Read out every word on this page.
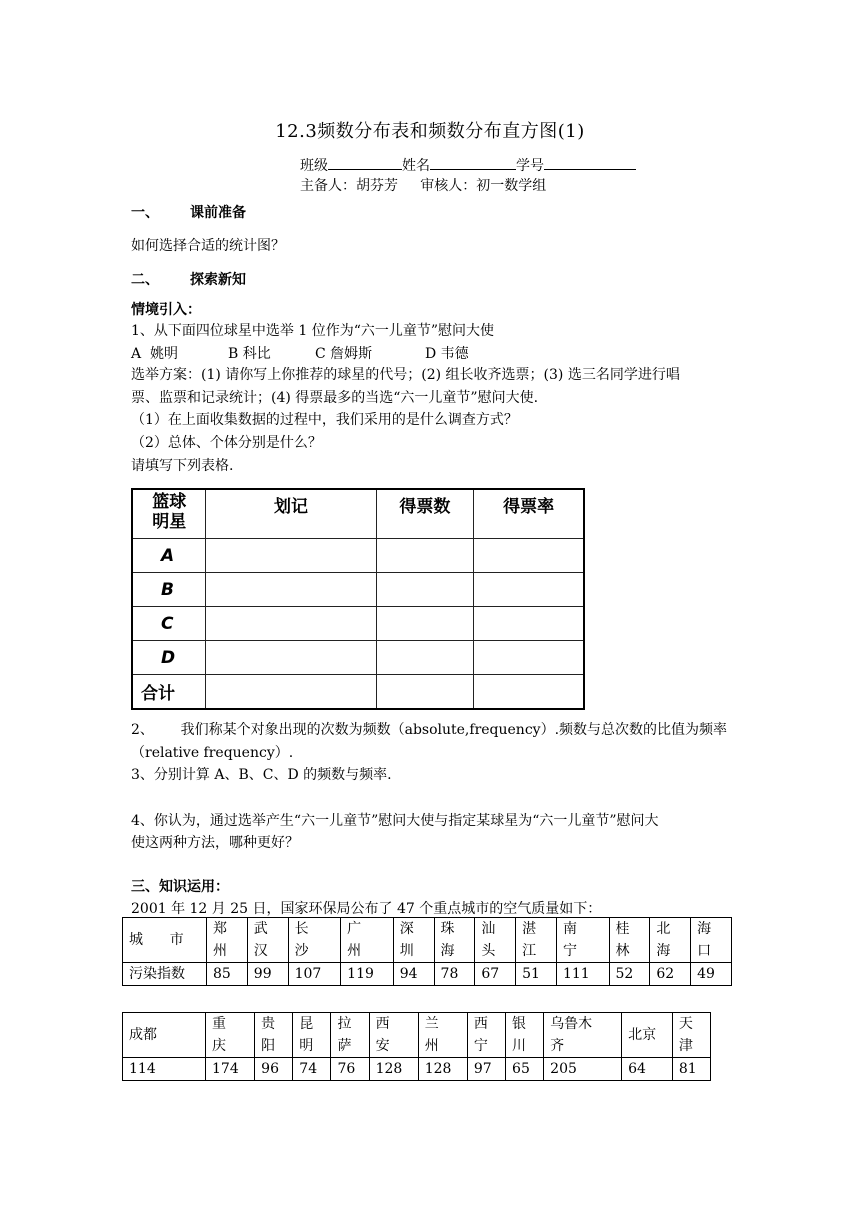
12.3频数分布表和频数分布直方图(1)
班级	姓名	学号
主备人：胡芬芳     审核人：初一数学组
一、 课前准备
如何选择合适的统计图？
二、 探索新知
情境引入：
1、从下面四位球星中选举 1 位作为“六一儿童节”慰问大使
A  姚明	B 科比	C 詹姆斯	D 韦德
选举方案：(1) 请你写上你推荐的球星的代号；(2) 组长收齐选票；(3) 选三名同学进行唱
票、监票和记录统计；(4) 得票最多的当选“六一儿童节”慰问大使.
（1）在上面收集数据的过程中，我们采用的是什么调查方式？
（2）总体、个体分别是什么？
请填写下列表格.
篮球明星	划记	得票数	得票率
A			
B			
C			
D			
合计			
2、      我们称某个对象出现的次数为频数（absolute,frequency）.频数与总次数的比值为频率
（relative frequency）.
3、分别计算 A、B、C、D 的频数与频率.
4、你认为，通过选举产生“六一儿童节”慰问大使与指定某球星为“六一儿童节”慰问大
使这两种方法，哪种更好？
三、知识运用：
2001 年 12 月 25 日，国家环保局公布了 47 个重点城市的空气质量如下：
城      市	郑州	武汉	长沙	广州	深圳	珠海	汕头	湛江	南宁	桂林	北海	海口

污染指数	85	99	107	119	94	78	67	51	111	52	62	49
成都	重庆	贵阳	昆明	拉萨	西安	兰州	西宁	银川	乌鲁木齐	北京	天津

114	174	96	74	76	128	128	97	65	205	64	81
